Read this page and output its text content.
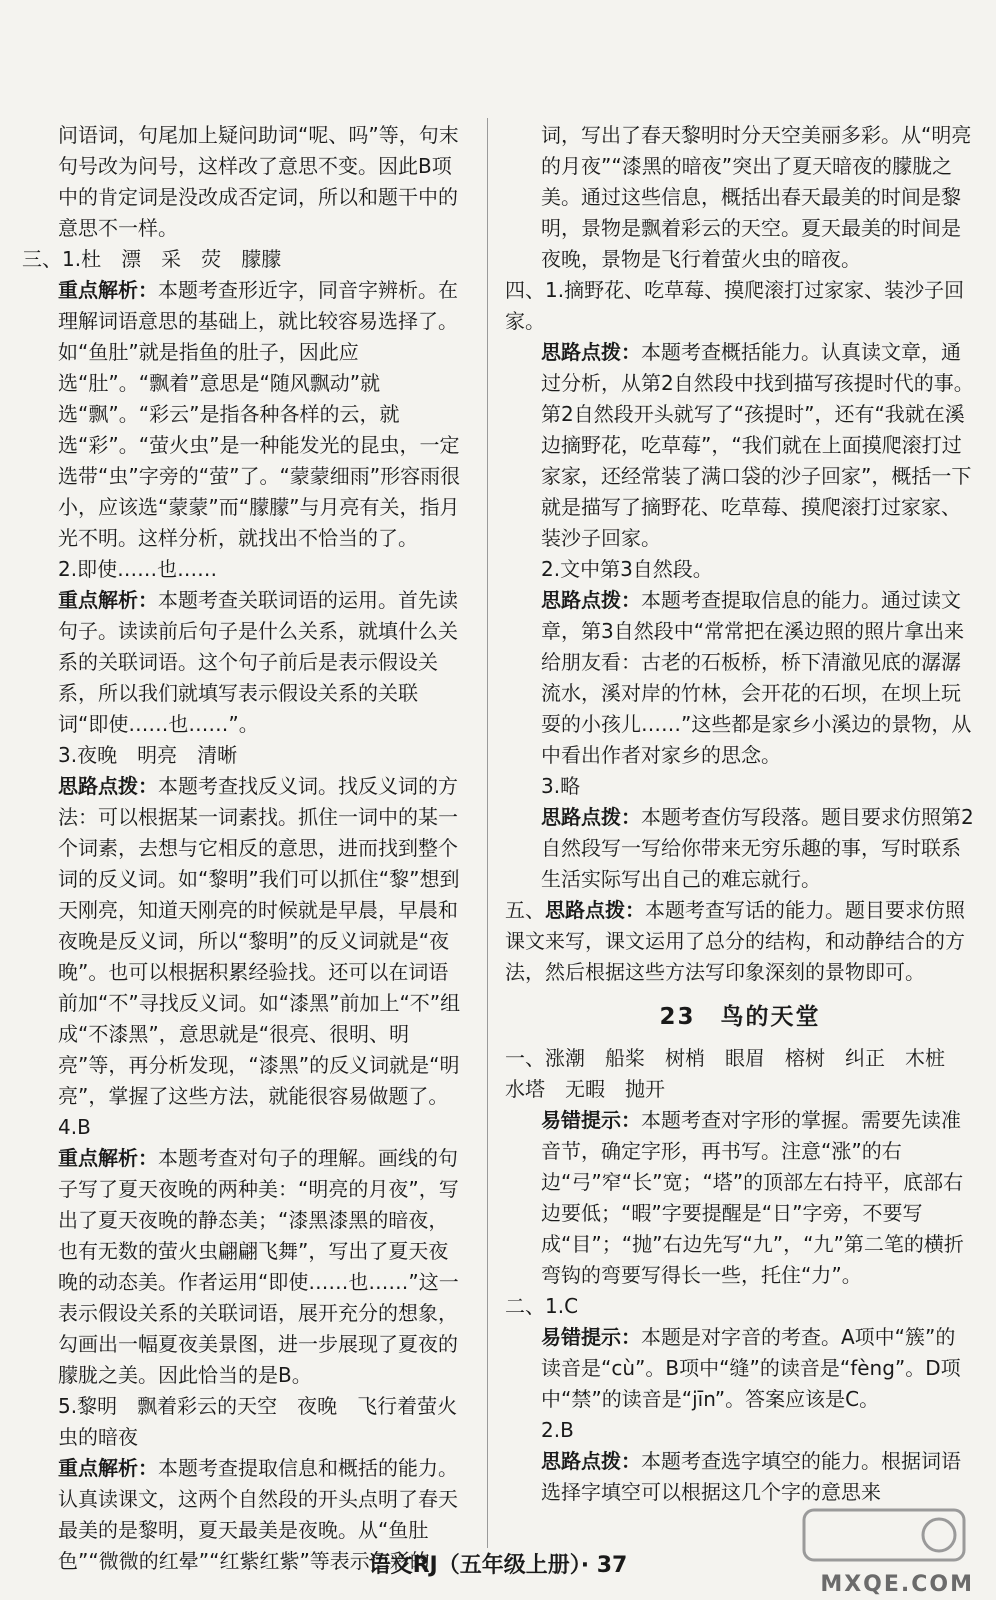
问语词，句尾加上疑问助词“呢、吗”等，句末句号改为问号，这样改了意思不变。因此B项中的肯定词是没改成否定词，所以和题干中的意思不一样。

三、1.杜　漂　采　荧　朦朦

重点解析：本题考查形近字，同音字辨析。在理解词语意思的基础上，就比较容易选择了。如“鱼肚”就是指鱼的肚子，因此应选“肚”。“飘着”意思是“随风飘动”就选“飘”。“彩云”是指各种各样的云，就选“彩”。“萤火虫”是一种能发光的昆虫，一定选带“虫”字旁的“萤”了。“蒙蒙细雨”形容雨很小，应该选“蒙蒙”而“朦朦”与月亮有关，指月光不明。这样分析，就找出不恰当的了。

2.即使……也……

重点解析：本题考查关联词语的运用。首先读句子。读读前后句子是什么关系，就填什么关系的关联词语。这个句子前后是表示假设关系，所以我们就填写表示假设关系的关联词“即使……也……”。

3.夜晚　明亮　清晰

思路点拨：本题考查找反义词。找反义词的方法：可以根据某一词素找。抓住一词中的某一个词素，去想与它相反的意思，进而找到整个词的反义词。如“黎明”我们可以抓住“黎”想到天刚亮，知道天刚亮的时候就是早晨，早晨和夜晚是反义词，所以“黎明”的反义词就是“夜晚”。也可以根据积累经验找。还可以在词语前加“不”寻找反义词。如“漆黑”前加上“不”组成“不漆黑”，意思就是“很亮、很明、明亮”等，再分析发现，“漆黑”的反义词就是“明亮”，掌握了这些方法，就能很容易做题了。

4.B

重点解析：本题考查对句子的理解。画线的句子写了夏天夜晚的两种美：“明亮的月夜”，写出了夏天夜晚的静态美；“漆黑漆黑的暗夜，也有无数的萤火虫翩翩飞舞”，写出了夏天夜晚的动态美。作者运用“即使……也……”这一表示假设关系的关联词语，展开充分的想象，勾画出一幅夏夜美景图，进一步展现了夏夜的朦胧之美。因此恰当的是B。

5.黎明　飘着彩云的天空　夜晚　飞行着萤火虫的暗夜

重点解析：本题考查提取信息和概括的能力。认真读课文，这两个自然段的开头点明了春天最美的是黎明，夏天最美是夜晚。从“鱼肚色”“微微的红晕”“红紫红紫”等表示色彩的

词，写出了春天黎明时分天空美丽多彩。从“明亮的月夜”“漆黑的暗夜”突出了夏天暗夜的朦胧之美。通过这些信息，概括出春天最美的时间是黎明，景物是飘着彩云的天空。夏天最美的时间是夜晚，景物是飞行着萤火虫的暗夜。

四、1.摘野花、吃草莓、摸爬滚打过家家、装沙子回家。

思路点拨：本题考查概括能力。认真读文章，通过分析，从第2自然段中找到描写孩提时代的事。第2自然段开头就写了“孩提时”，还有“我就在溪边摘野花，吃草莓”，“我们就在上面摸爬滚打过家家，还经常装了满口袋的沙子回家”，概括一下就是描写了摘野花、吃草莓、摸爬滚打过家家、装沙子回家。

2.文中第3自然段。

思路点拨：本题考查提取信息的能力。通过读文章，第3自然段中“常常把在溪边照的照片拿出来给朋友看：古老的石板桥，桥下清澈见底的潺潺流水，溪对岸的竹林，会开花的石坝，在坝上玩耍的小孩儿……”这些都是家乡小溪边的景物，从中看出作者对家乡的思念。

3.略

思路点拨：本题考查仿写段落。题目要求仿照第2自然段写一写给你带来无穷乐趣的事，写时联系生活实际写出自己的难忘就行。

五、思路点拨：本题考查写话的能力。题目要求仿照课文来写，课文运用了总分的结构，和动静结合的方法，然后根据这些方法写印象深刻的景物即可。

23　鸟的天堂
一、涨潮　船桨　树梢　眼眉　榕树　纠正　木桩　水塔　无暇　抛开

易错提示：本题考查对字形的掌握。需要先读准音节，确定字形，再书写。注意“涨”的右边“弓”窄“长”宽；“塔”的顶部左右持平，底部右边要低；“暇”字要提醒是“日”字旁，不要写成“目”；“抛”右边先写“九”，“九”第二笔的横折弯钩的弯要写得长一些，托住“力”。

二、1.C

易错提示：本题是对字音的考查。A项中“簇”的读音是“cù”。B项中“缝”的读音是“fèng”。D项中“禁”的读音是“jīn”。答案应该是C。

2.B

思路点拨：本题考查选字填空的能力。根据词语选择字填空可以根据这几个字的意思来

语文RJ（五年级上册）· 37
MXQE.COM
